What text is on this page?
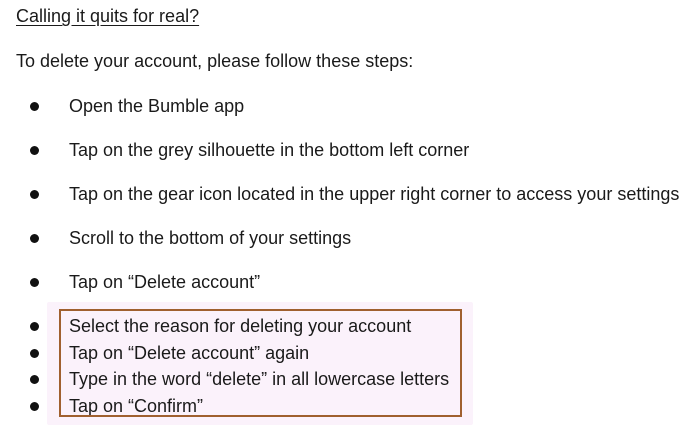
Calling it quits for real?
To delete your account, please follow these steps:
Open the Bumble app
Tap on the grey silhouette in the bottom left corner
Tap on the gear icon located in the upper right corner to access your settings
Scroll to the bottom of your settings
Tap on “Delete account”
Select the reason for deleting your account
Tap on “Delete account” again
Type in the word “delete” in all lowercase letters
Tap on “Confirm”
